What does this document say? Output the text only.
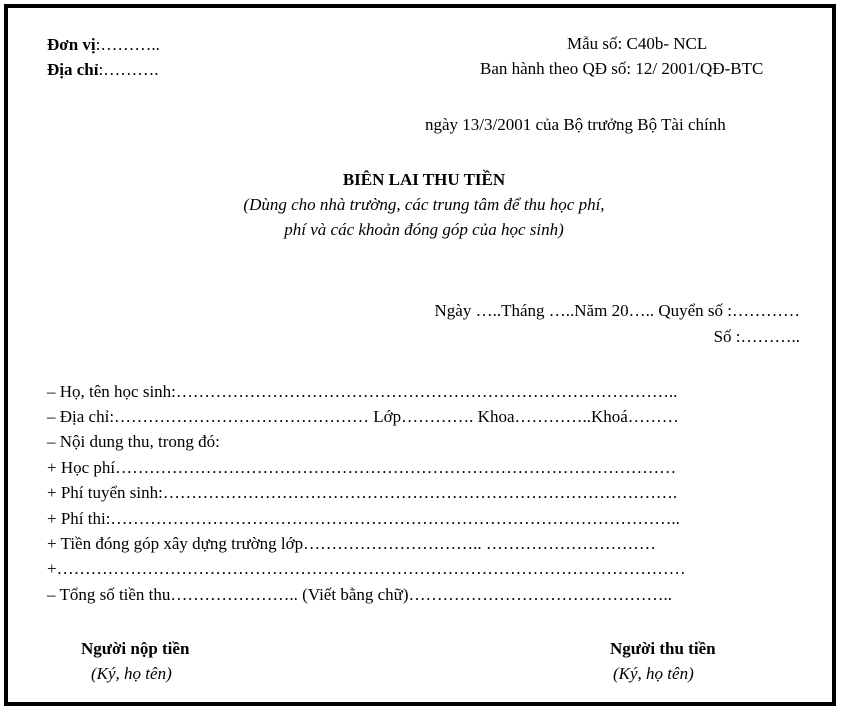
Đơn vị:………..
Địa chỉ:……….
Mẫu số: C40b- NCL
Ban hành theo QĐ số: 12/ 2001/QĐ-BTC
ngày 13/3/2001 của Bộ trưởng Bộ Tài chính
BIÊN LAI THU TIỀN
(Dùng cho nhà trường, các trung tâm để thu học phí,
phí và các khoản đóng góp của học sinh)
Ngày …..Tháng …..Năm 20….. Quyển số :…………
Số :………..
– Họ, tên học sinh:……………………………………………………………………………..
– Địa chỉ:……………………………………… Lớp…………. Khoa…………..Khoá………
– Nội dung thu, trong đó:
+ Học phí………………………………………………………………………………………
+ Phí tuyển sinh:……………………………………………………………………………….
+ Phí thi:………………………………………………………………………………………..
+ Tiền đóng góp xây dựng trường lớp………………………….. …………………………
+…………………………………………………………………………………………………
– Tổng số tiền thu………………….. (Viết bằng chữ)………………………………………..
Người nộp tiền
(Ký, họ tên)
Người thu tiền
(Ký, họ tên)
